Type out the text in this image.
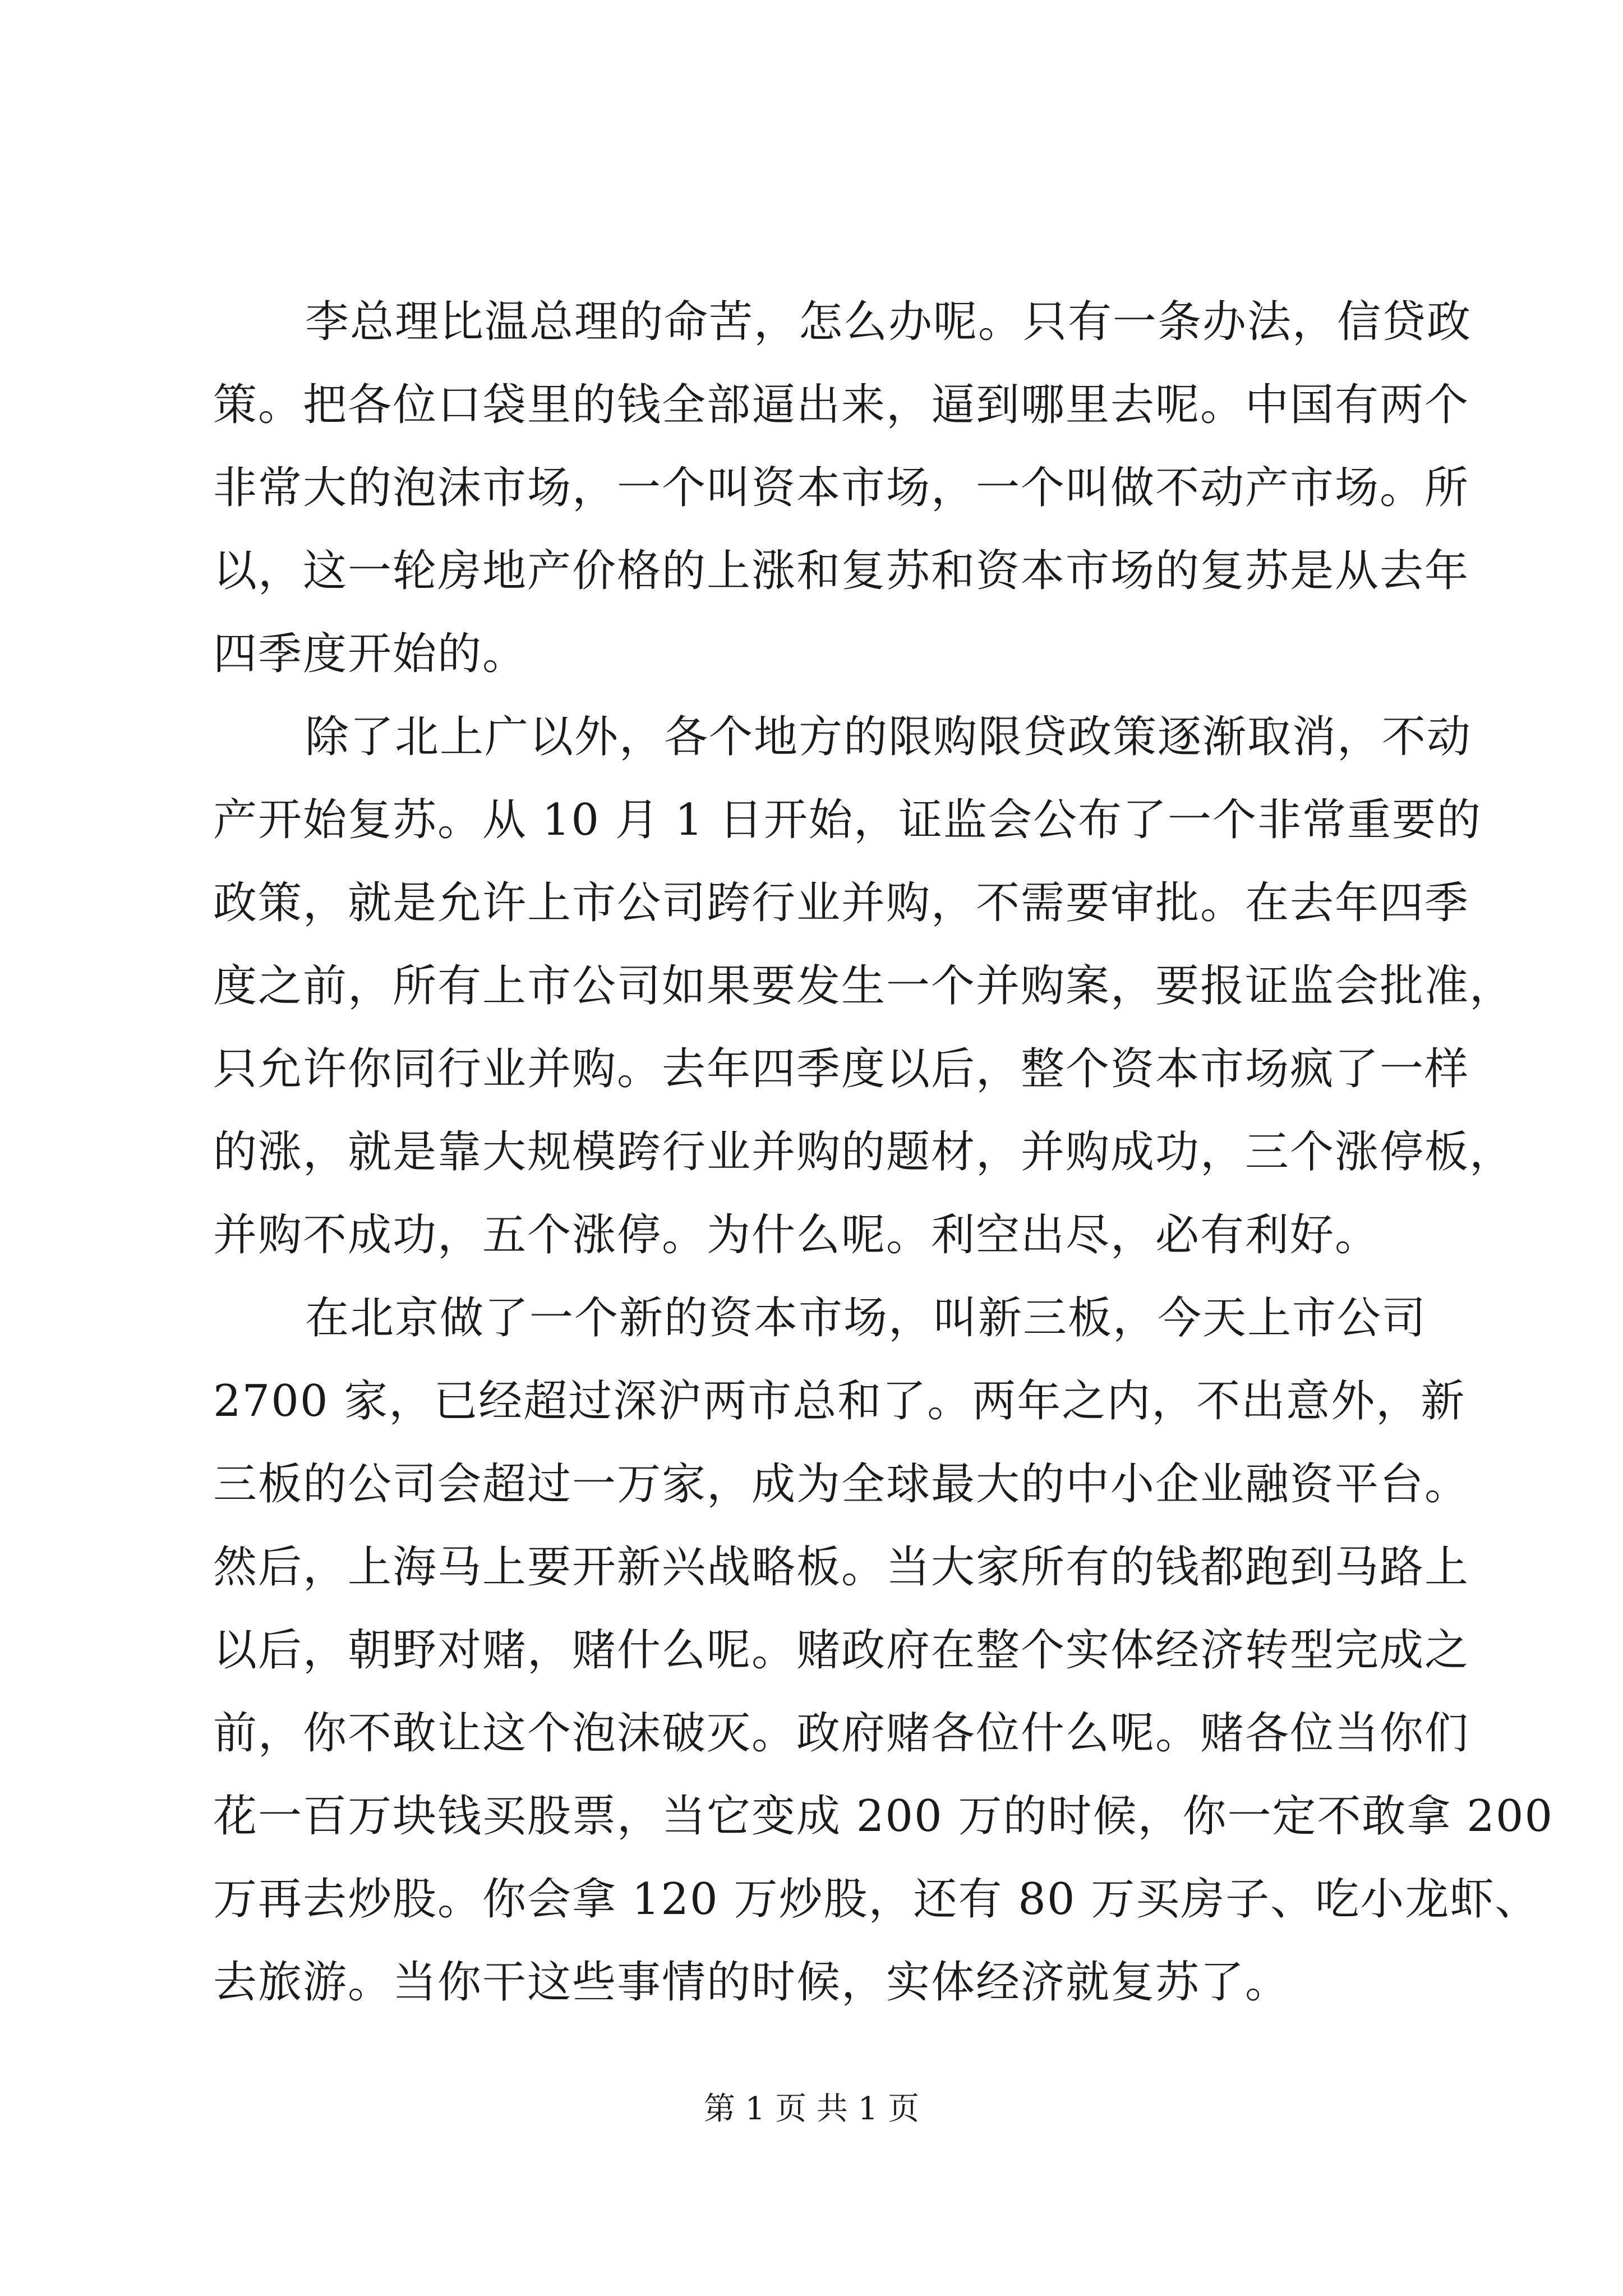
李总理比温总理的命苦，怎么办呢。只有一条办法，信贷政
策。把各位口袋里的钱全部逼出来，逼到哪里去呢。中国有两个
非常大的泡沫市场，一个叫资本市场，一个叫做不动产市场。所
以，这一轮房地产价格的上涨和复苏和资本市场的复苏是从去年
四季度开始的。
除了北上广以外，各个地方的限购限贷政策逐渐取消，不动
产开始复苏。从 10 月 1 日开始，证监会公布了一个非常重要的
政策，就是允许上市公司跨行业并购，不需要审批。在去年四季
度之前，所有上市公司如果要发生一个并购案，要报证监会批准，
只允许你同行业并购。去年四季度以后，整个资本市场疯了一样
的涨，就是靠大规模跨行业并购的题材，并购成功，三个涨停板，
并购不成功，五个涨停。为什么呢。利空出尽，必有利好。
在北京做了一个新的资本市场，叫新三板，今天上市公司
2700 家，已经超过深沪两市总和了。两年之内，不出意外，新
三板的公司会超过一万家，成为全球最大的中小企业融资平台。
然后，上海马上要开新兴战略板。当大家所有的钱都跑到马路上
以后，朝野对赌，赌什么呢。赌政府在整个实体经济转型完成之
前，你不敢让这个泡沫破灭。政府赌各位什么呢。赌各位当你们
花一百万块钱买股票，当它变成 200 万的时候，你一定不敢拿 200
万再去炒股。你会拿 120 万炒股，还有 80 万买房子、吃小龙虾、
去旅游。当你干这些事情的时候，实体经济就复苏了。
第 1 页 共 1 页
